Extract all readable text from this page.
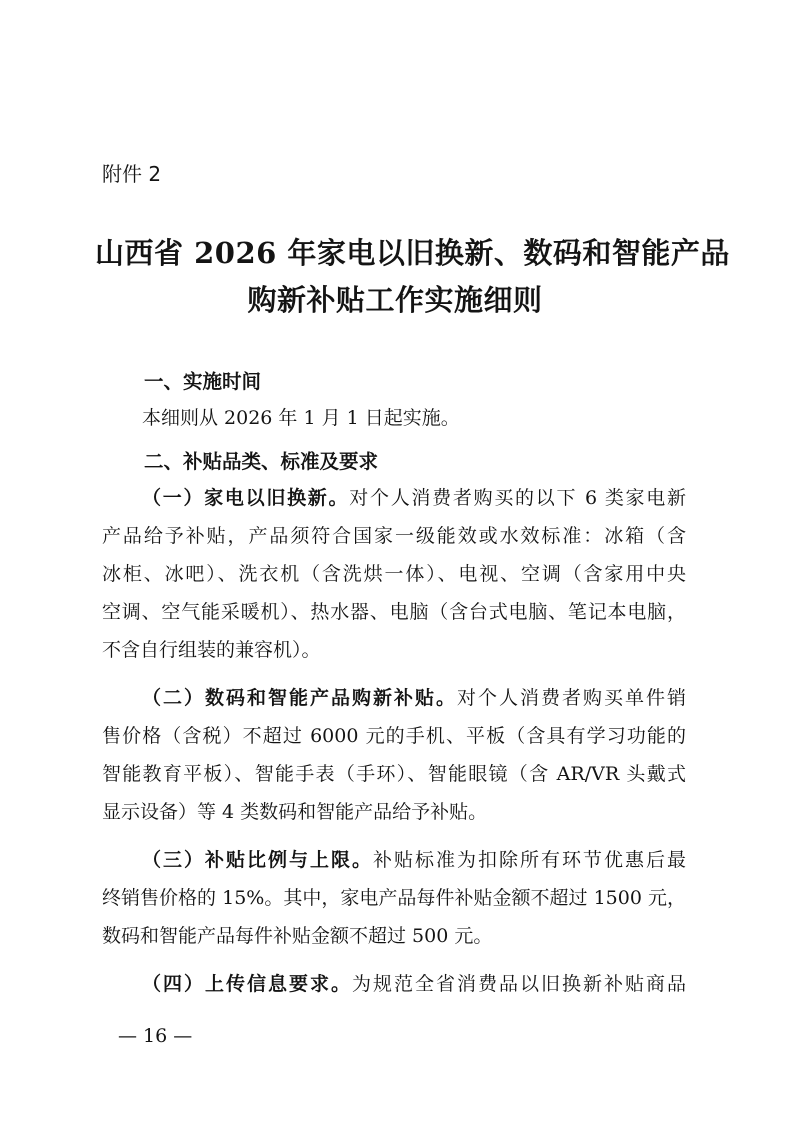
附件 2

山西省 2026 年家电以旧换新、数码和智能产品
购新补贴工作实施细则
一、实施时间

本细则从 2026 年 1 月 1 日起实施。

二、补贴品类、标准及要求

（一）家电以旧换新。对个人消费者购买的以下 6 类家电新

产品给予补贴，产品须符合国家一级能效或水效标准：冰箱（含

冰柜、冰吧）、洗衣机（含洗烘一体）、电视、空调（含家用中央

空调、空气能采暖机）、热水器、电脑（含台式电脑、笔记本电脑，

不含自行组装的兼容机）。

（二）数码和智能产品购新补贴。对个人消费者购买单件销

售价格（含税）不超过 6000 元的手机、平板（含具有学习功能的

智能教育平板）、智能手表（手环）、智能眼镜（含 AR/VR 头戴式

显示设备）等 4 类数码和智能产品给予补贴。

（三）补贴比例与上限。补贴标准为扣除所有环节优惠后最

终销售价格的 15%。其中，家电产品每件补贴金额不超过 1500 元，

数码和智能产品每件补贴金额不超过 500 元。

（四）上传信息要求。为规范全省消费品以旧换新补贴商品

— 16 —
